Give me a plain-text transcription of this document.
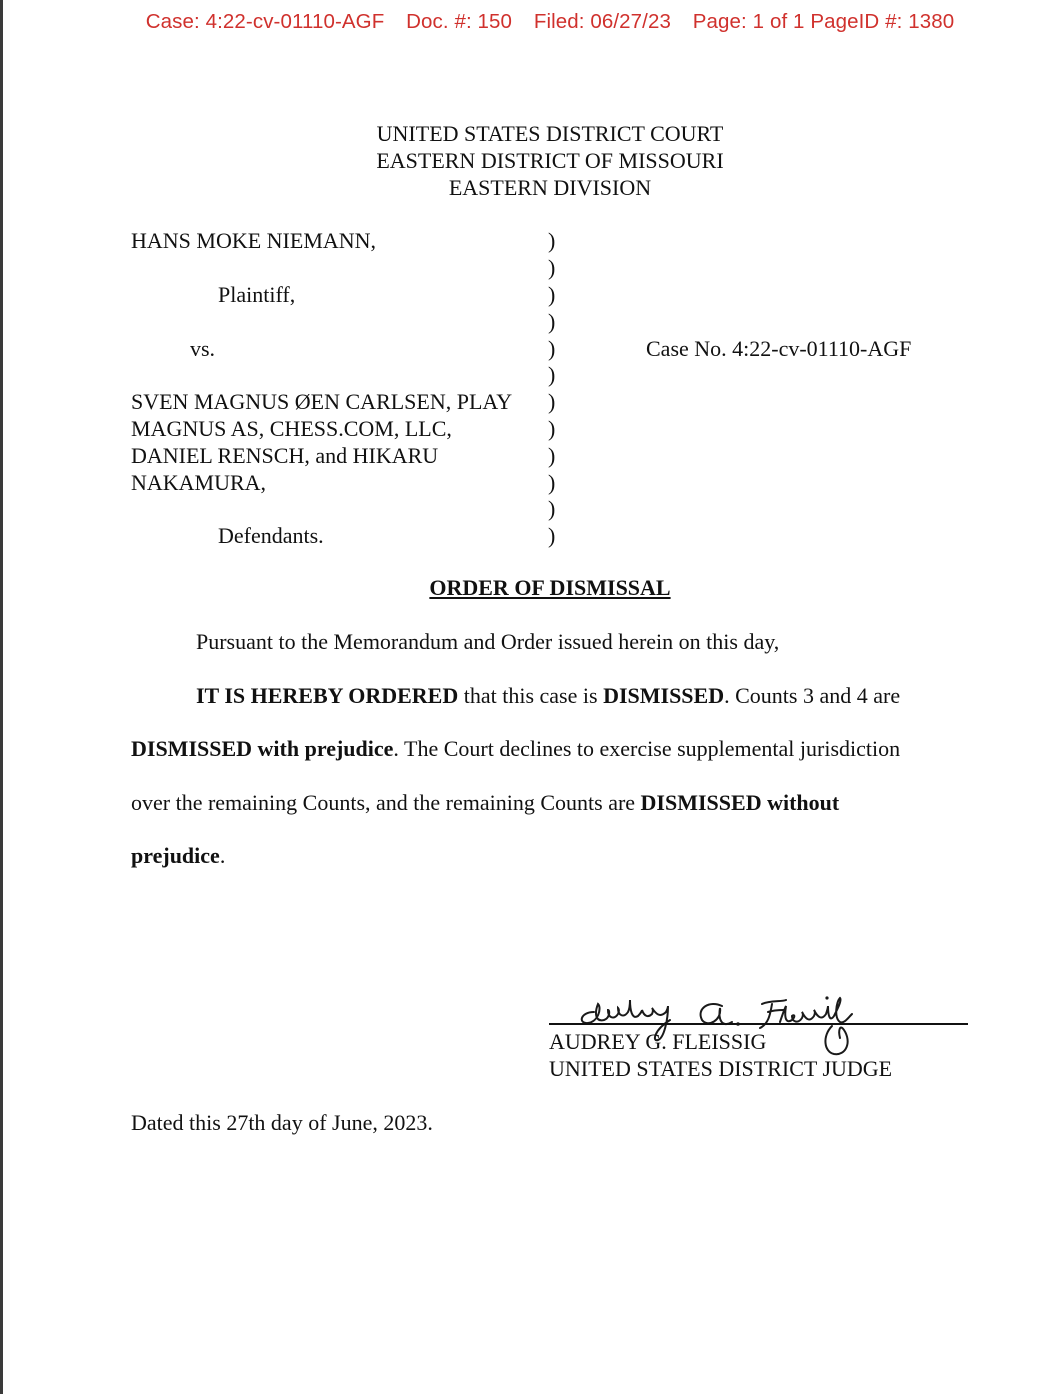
Case: 4:22-cv-01110-AGF Doc. #: 150 Filed: 06/27/23 Page: 1 of 1 PageID #: 1380
UNITED STATES DISTRICT COURT
EASTERN DISTRICT OF MISSOURI
EASTERN DIVISION
HANS MOKE NIEMANN,
Plaintiff,
vs.	Case No. 4:22-cv-01110-AGF
SVEN MAGNUS ØEN CARLSEN, PLAY
MAGNUS AS, CHESS.COM, LLC,
DANIEL RENSCH, and HIKARU
NAKAMURA,
Defendants.
)
)
)
)
)
)
)
)
)
)
)
)
ORDER OF DISMISSAL
Pursuant to the Memorandum and Order issued herein on this day,
IT IS HEREBY ORDERED that this case is DISMISSED. Counts 3 and 4 are
DISMISSED with prejudice. The Court declines to exercise supplemental jurisdiction
over the remaining Counts, and the remaining Counts are DISMISSED without
prejudice.
AUDREY G. FLEISSIG
UNITED STATES DISTRICT JUDGE
Dated this 27th day of June, 2023.
